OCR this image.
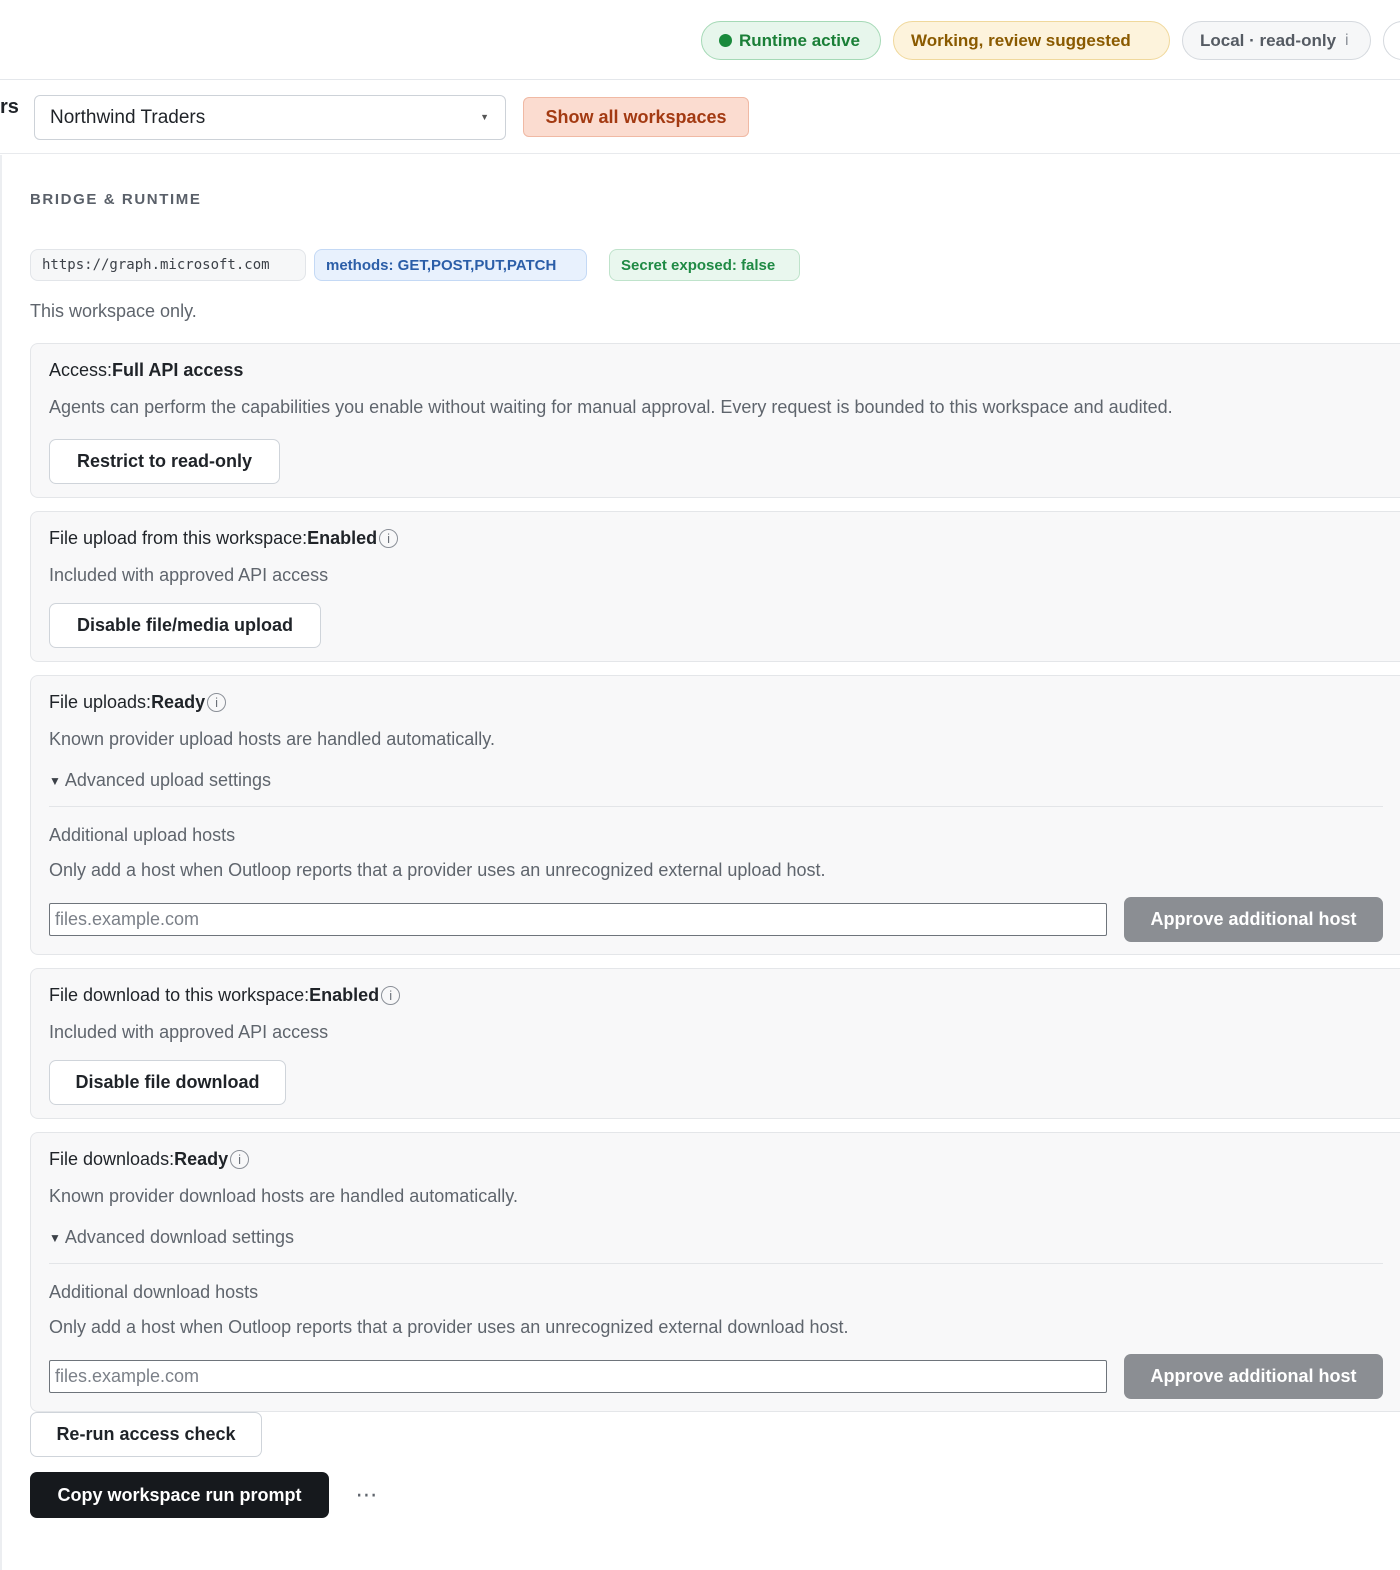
Runtime active	Working, review suggested	Local · read-only i
rs Northwind Traders	▼	Show all workspaces
BRIDGE & RUNTIME
https://graph.microsoft.com	methods: GET,POST,PUT,PATCH	Secret exposed: false
This workspace only.
Access: Full API access
Agents can perform the capabilities you enable without waiting for manual approval. Every request is bounded to this workspace and audited.
Restrict to read-only
File upload from this workspace: Enabled i
Included with approved API access
Disable file/media upload
File uploads: Ready i
Known provider upload hosts are handled automatically.
▼ Advanced upload settings
Additional upload hosts
Only add a host when Outloop reports that a provider uses an unrecognized external upload host.
files.example.com
Approve additional host
File download to this workspace: Enabled i
Included with approved API access
Disable file download
File downloads: Ready i
Known provider download hosts are handled automatically.
▼ Advanced download settings
Additional download hosts
Only add a host when Outloop reports that a provider uses an unrecognized external download host.
files.example.com
Approve additional host
Re-run access check
Copy workspace run prompt	⋯
